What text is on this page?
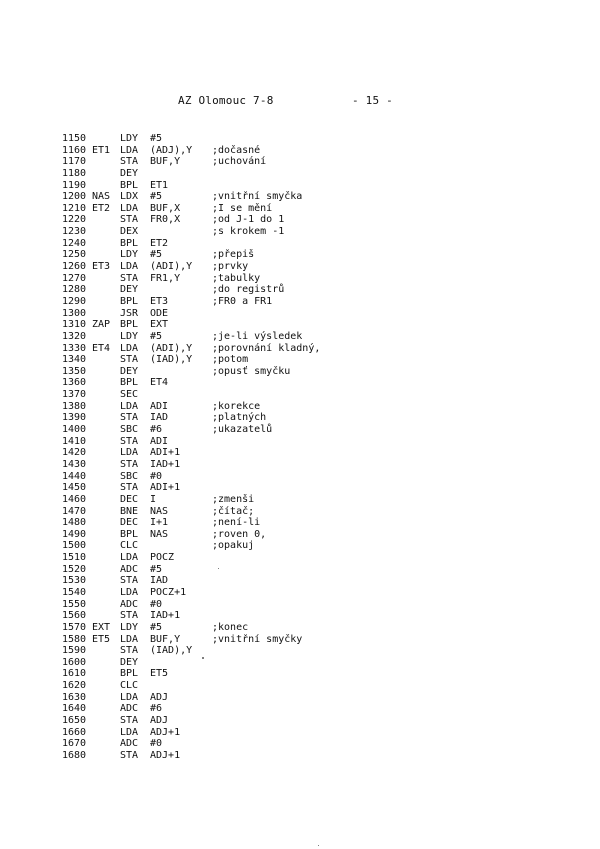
AZ Olomouc 7-8	- 15 -
1150	LDY #5
1160 ET1 LDA (ADJ),Y ;dočasné
1170	STA BUF,Y	;uchování
1180	DEY
1190	BPL ET1
1200 NAS LDX #5	;vnitřní smyčka
1210 ET2 LDA BUF,X	;I se mění
1220	STA FR0,X	;od J-1 do 1
1230	DEX	;s krokem -1
1240	BPL ET2
1250	LDY #5	;přepiš
1260 ET3 LDA (ADI),Y ;prvky
1270	STA FR1,Y	;tabulky
1280	DEY	;do registrů
1290	BPL ET3	;FR0 a FR1
1300	JSR ODE
1310 ZAP BPL EXT
1320	LDY #5	;je-li výsledek
1330 ET4 LDA (ADI),Y ;porovnání kladný,
1340	STA (IAD),Y ;potom
1350	DEY	;opusť smyčku
1360	BPL ET4
1370	SEC
1380	LDA ADI	;korekce
1390	STA IAD	;platných
1400	SBC #6	;ukazatelů
1410	STA ADI
1420	LDA ADI+1
1430	STA IAD+1
1440	SBC #0
1450	STA ADI+1
1460	DEC I	;zmenši
1470	BNE NAS	;čítač;
1480	DEC I+1	;není-li
1490	BPL NAS	;roven 0,
1500	CLC	;opakuj
1510	LDA POCZ
1520	ADC #5
1530	STA IAD
1540	LDA POCZ+1
1550	ADC #0
1560	STA IAD+1
1570 EXT LDY #5	;konec
1580 ET5 LDA BUF,Y	;vnitřní smyčky
1590	STA (IAD),Y
1600	DEY
1610	BPL ET5
1620	CLC
1630	LDA ADJ
1640	ADC #6
1650	STA ADJ
1660	LDA ADJ+1
1670	ADC #0
1680	STA ADJ+1
